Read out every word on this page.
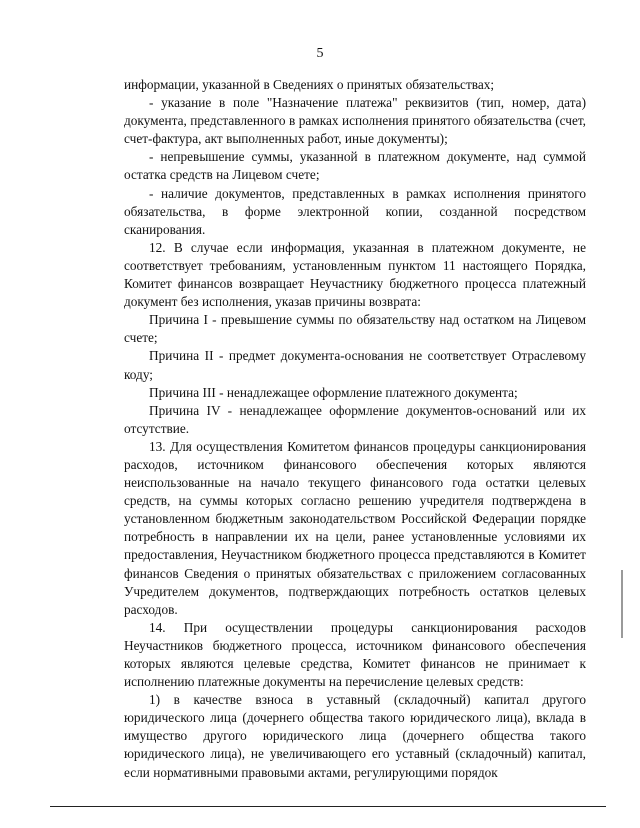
5

информации, указанной в Сведениях о принятых обязательствах;

- указание в поле "Назначение платежа" реквизитов (тип, номер, дата) документа, представленного в рамках исполнения принятого обязательства (счет, счет-фактура, акт выполненных работ, иные документы);

- непревышение суммы, указанной в платежном документе, над суммой остатка средств на Лицевом счете;

- наличие документов, представленных в рамках исполнения принятого обязательства, в форме электронной копии, созданной посредством сканирования.

12. В случае если информация, указанная в платежном документе, не соответствует требованиям, установленным пунктом 11 настоящего Порядка, Комитет финансов возвращает Неучастнику бюджетного процесса платежный документ без исполнения, указав причины возврата:

Причина I - превышение суммы по обязательству над остатком на Лицевом счете;

Причина II - предмет документа-основания не соответствует Отраслевому коду;

Причина III - ненадлежащее оформление платежного документа;

Причина IV - ненадлежащее оформление документов-оснований или их отсутствие.

13. Для осуществления Комитетом финансов процедуры санкционирования расходов, источником финансового обеспечения которых являются неиспользованные на начало текущего финансового года остатки целевых средств, на суммы которых согласно решению учредителя подтверждена в установленном бюджетным законодательством Российской Федерации порядке потребность в направлении их на цели, ранее установленные условиями их предоставления, Неучастником бюджетного процесса представляются в Комитет финансов Сведения о принятых обязательствах с приложением согласованных Учредителем документов, подтверждающих потребность остатков целевых расходов.

14. При осуществлении процедуры санкционирования расходов Неучастников бюджетного процесса, источником финансового обеспечения которых являются целевые средства, Комитет финансов не принимает к исполнению платежные документы на перечисление целевых средств:

1) в качестве взноса в уставный (складочный) капитал другого юридического лица (дочернего общества такого юридического лица), вклада в имущество другого юридического лица (дочернего общества такого юридического лица), не увеличивающего его уставный (складочный) капитал, если нормативными правовыми актами, регулирующими порядок
